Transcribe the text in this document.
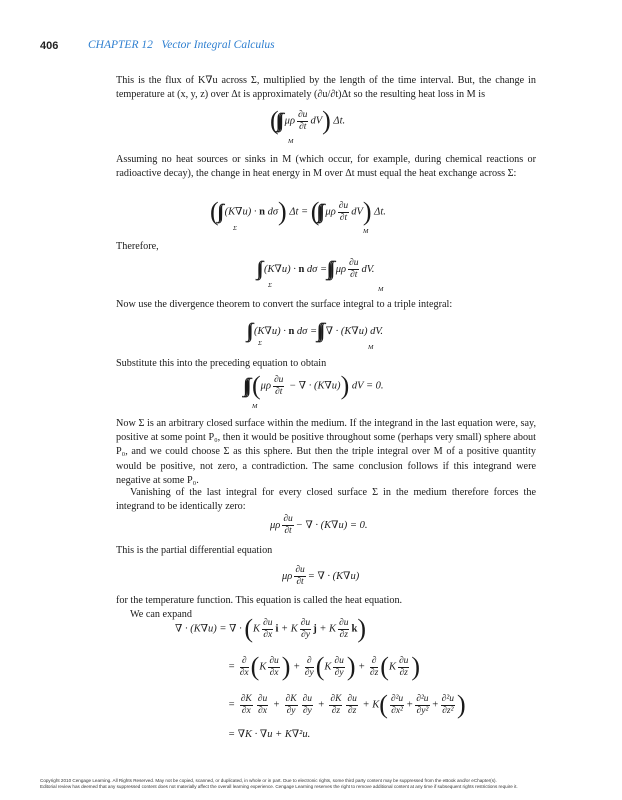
406	CHAPTER 12 Vector Integral Calculus

This is the flux of K∇u across Σ, multiplied by the length of the time interval. But, the change in temperature at (x, y, z) over Δt is approximately (∂u/∂t)Δt so the resulting heat loss in M is

( μρ $\frac{\partial u}{\partial t} dV$) Δt.
M

Assuming no heat sources or sinks in M (which occur, for example, during chemical reactions or radioactive decay), the change in heat energy in M over Δt must equal the heat exchange across Σ:

( (K∇u) · n dσ) Δt = ( μρ $\frac{\partial u}{\partial t} dV$) Δt.
Σ	M

Therefore,

(K∇u) · n dσ = μρ $\frac{\partial u}{\partial t}$ dV.
Σ
M

Now use the divergence theorem to convert the surface integral to a triple integral:

(K∇u) · n dσ = ∇ · (K∇u) dV.
Σ
M

Substitute this into the preceding equation to obtain

($\mu\rho \frac{\partial u}{\partial t}$ − ∇ · (K∇u)) dV = 0.
M

Now Σ is an arbitrary closed surface within the medium. If the integrand in the last equation were, say, positive at some point P₀, then it would be positive throughout some (perhaps very small) sphere about P₀, and we could choose Σ as this sphere. But then the triple integral over M of a positive quantity would be positive, not zero, a contradiction. The same conclusion follows if this integrand were negative at some P₀.

Vanishing of the last integral for every closed surface Σ in the medium therefore forces the integrand to be identically zero:

μρ $\frac{\partial u}{\partial t}$ − ∇ · (K∇u) = 0.

This is the partial differential equation

μρ $\frac{\partial u}{\partial t}$ = ∇ · (K∇u)

for the temperature function. This equation is called the heat equation.

We can expand

∇ · (K∇u) = ∇ · ($K \frac{\partial u}{\partial x}$ i + K $\frac{\partial u}{\partial y}$ j + K $\frac{\partial u}{\partial z} k$)
= $\frac{\partial}{\partial x} (K \frac{\partial u}{\partial x}$ ) + $\frac{\partial}{\partial y} (K \frac{\partial u}{\partial y}$ ) + $\frac{\partial}{\partial z} (K \frac{\partial u}{\partial z}$ )
= $\frac{\partial K}{\partial x} \frac{\partial u}{\partial x} + \frac{\partial K}{\partial y} \frac{\partial u}{\partial y} + \frac{\partial K}{\partial z} \frac{\partial u}{\partial z} + K( \frac{\text{∂²u}}{\text{∂x²}} + \frac{\text{∂²u}}{\text{∂y²}} + \frac{\text{∂²u}}{\text{∂z²}}$ )
= ∇K · ∇u + K∇²u.
Copyright 2010 Cengage Learning. All Rights Reserved. May not be copied, scanned, or duplicated, in whole or in part. Due to electronic rights, some third party content may be suppressed from the eBook and/or eChapter(s).
Editorial review has deemed that any suppressed content does not materially affect the overall learning experience. Cengage Learning reserves the right to remove additional content at any time if subsequent rights restrictions require it.
